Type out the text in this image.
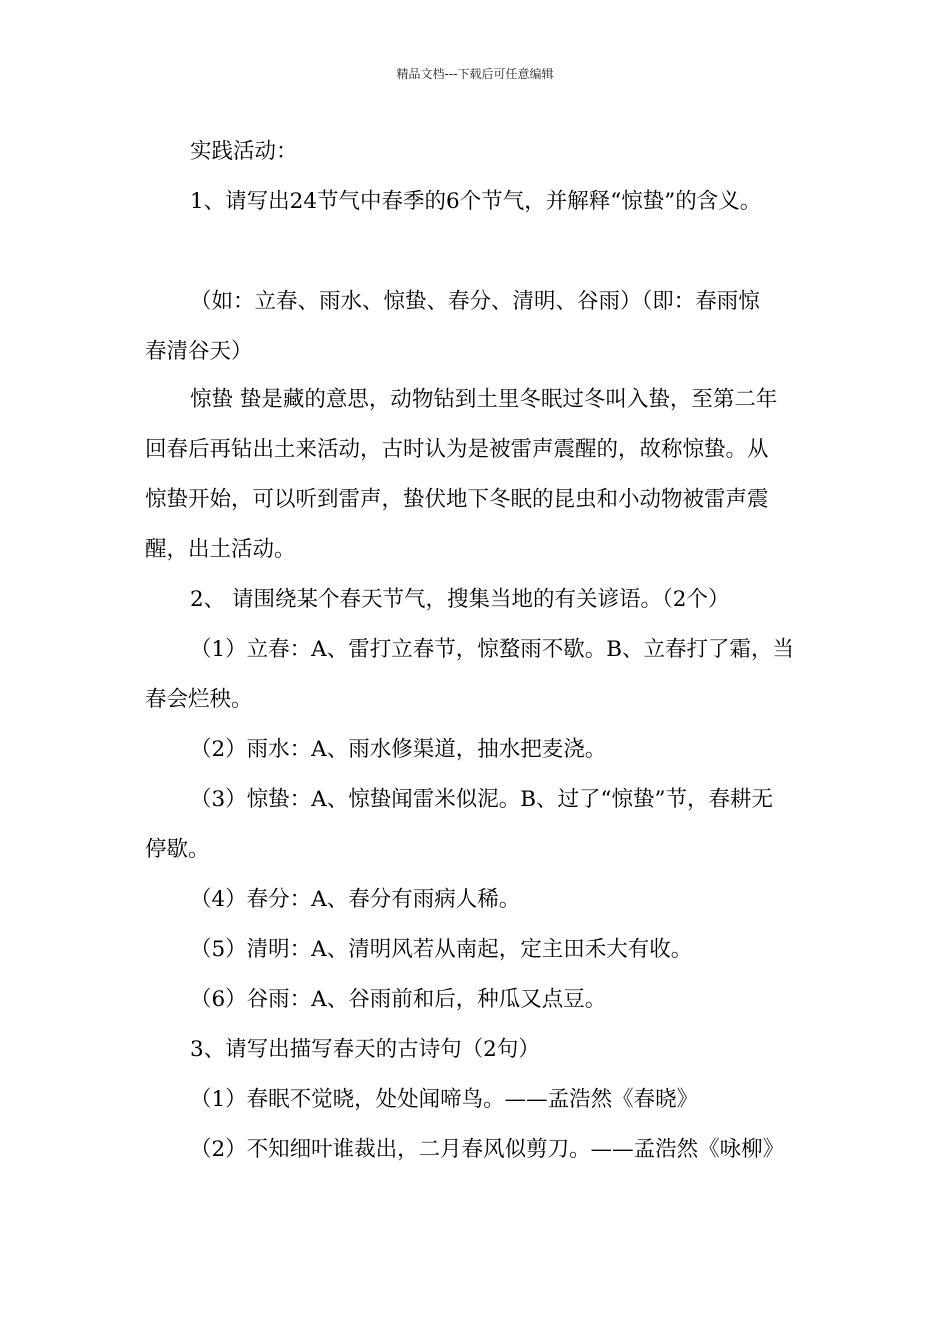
精品文档---下载后可任意编辑
实践活动：
1、请写出24节气中春季的6个节气，并解释“惊蛰”的含义。
（如：立春、雨水、惊蛰、春分、清明、谷雨）（即：春雨惊
春清谷天）
惊蛰 蛰是藏的意思，动物钻到土里冬眠过冬叫入蛰，至第二年
回春后再钻出土来活动，古时认为是被雷声震醒的，故称惊蛰。从
惊蛰开始，可以听到雷声，蛰伏地下冬眠的昆虫和小动物被雷声震
醒，出土活动。
2、 请围绕某个春天节气，搜集当地的有关谚语。（2个）
（1）立春：A、雷打立春节，惊蝥雨不歇。B、立春打了霜，当
春会烂秧。
（2）雨水：A、雨水修渠道，抽水把麦浇。
（3）惊蛰：A、惊蛰闻雷米似泥。B、过了“惊蛰”节，春耕无
停歇。
（4）春分：A、春分有雨病人稀。
（5）清明：A、清明风若从南起，定主田禾大有收。
（6）谷雨：A、谷雨前和后，种瓜又点豆。
3、请写出描写春天的古诗句（2句）
（1）春眠不觉晓，处处闻啼鸟。——孟浩然《春晓》
（2）不知细叶谁裁出，二月春风似剪刀。——孟浩然《咏柳》
